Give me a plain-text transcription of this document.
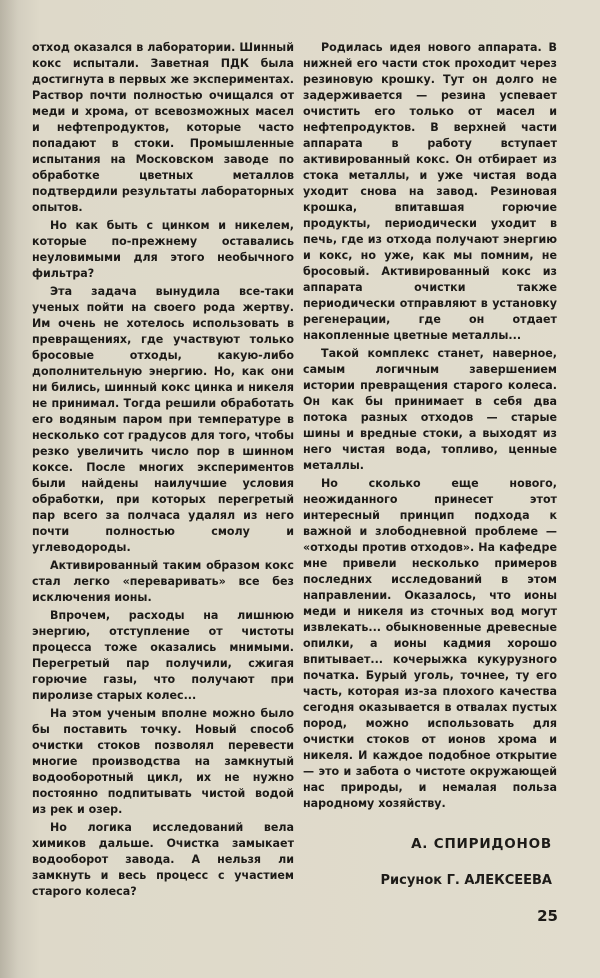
отход оказался в лаборатории. Шинный кокс испытали. Заветная ПДК была достигнута в первых же экспериментах. Раствор почти полностью очищался от меди и хрома, от всевозможных масел и нефтепродуктов, которые часто попадают в стоки. Промышленные испытания на Московском заводе по обработке цветных металлов подтвердили результаты лабораторных опытов.

Но как быть с цинком и никелем, которые по-прежнему оставались неуловимыми для этого необычного фильтра?

Эта задача вынудила все-таки ученых пойти на своего рода жертву. Им очень не хотелось использовать в превращениях, где участвуют только бросовые отходы, какую-либо дополнительную энергию. Но, как они ни бились, шинный кокс цинка и никеля не принимал. Тогда решили обработать его водяным паром при температуре в несколько сот градусов для того, чтобы резко увеличить число пор в шинном коксе. После многих экспериментов были найдены наилучшие условия обработки, при которых перегретый пар всего за полчаса удалял из него почти полностью смолу и углеводороды.

Активированный таким образом кокс стал легко «переваривать» все без исключения ионы.

Впрочем, расходы на лишнюю энергию, отступление от чистоты процесса тоже оказались мнимыми. Перегретый пар получили, сжигая горючие газы, что получают при пиролизе старых колес...

На этом ученым вполне можно было бы поставить точку. Новый способ очистки стоков позволял перевести многие производства на замкнутый водооборотный цикл, их не нужно постоянно подпитывать чистой водой из рек и озер.

Но логика исследований вела химиков дальше. Очистка замыкает водооборот завода. А нельзя ли замкнуть и весь процесс с участием старого колеса?

Родилась идея нового аппарата. В нижней его части сток проходит через резиновую крошку. Тут он долго не задерживается — резина успевает очистить его только от масел и нефтепродуктов. В верхней части аппарата в работу вступает активированный кокс. Он отбирает из стока металлы, и уже чистая вода уходит снова на завод. Резиновая крошка, впитавшая горючие продукты, периодически уходит в печь, где из отхода получают энергию и кокс, но уже, как мы помним, не бросовый. Активированный кокс из аппарата очистки также периодически отправляют в установку регенерации, где он отдает накопленные цветные металлы...

Такой комплекс станет, наверное, самым логичным завершением истории превращения старого колеса. Он как бы принимает в себя два потока разных отходов — старые шины и вредные стоки, а выходят из него чистая вода, топливо, ценные металлы.

Но сколько еще нового, неожиданного принесет этот интересный принцип подхода к важной и злободневной проблеме — «отходы против отходов». На кафедре мне привели несколько примеров последних исследований в этом направлении. Оказалось, что ионы меди и никеля из сточных вод могут извлекать... обыкновенные древесные опилки, а ионы кадмия хорошо впитывает... кочерыжка кукурузного початка. Бурый уголь, точнее, ту его часть, которая из-за плохого качества сегодня оказывается в отвалах пустых пород, можно использовать для очистки стоков от ионов хрома и никеля. И каждое подобное открытие — это и забота о чистоте окружающей нас природы, и немалая польза народному хозяйству.

А. СПИРИДОНОВ
Рисунок Г. АЛЕКСЕЕВА
25
